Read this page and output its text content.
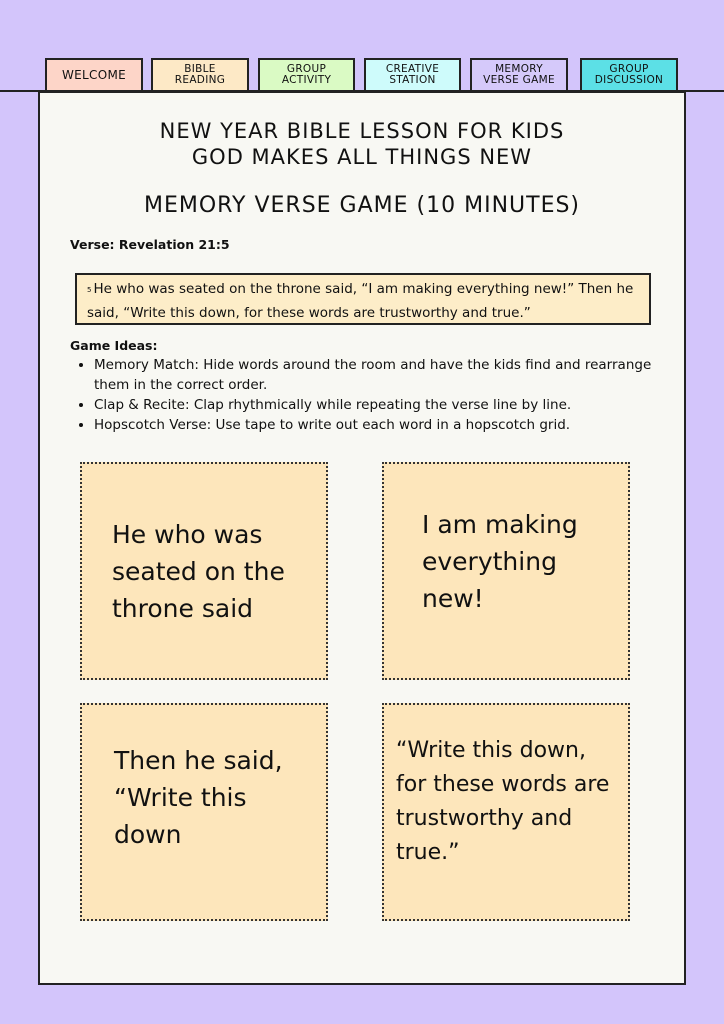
WELCOME	BIBLE READING
GROUP ACTIVITY
CREATIVE STATION
MEMORY VERSE GAME
GROUP DISCUSSION
NEW YEAR BIBLE LESSON FOR KIDS
GOD MAKES ALL THINGS NEW
MEMORY VERSE GAME (10 MINUTES)
Verse: Revelation 21:5
$^5$ He who was seated on the throne said, “I am making everything new!” Then he said, “Write this down, for these words are trustworthy and true.”
Game Ideas:
• Memory Match: Hide words around the room and have the kids find and rearrange them in the correct order.
• Clap & Recite: Clap rhythmically while repeating the verse line by line.
• Hopscotch Verse: Use tape to write out each word in a hopscotch grid.
He who was seated on the throne said
I am making everything new!
Then he said, “Write this down
“Write this down, for these words are trustworthy and true.”
